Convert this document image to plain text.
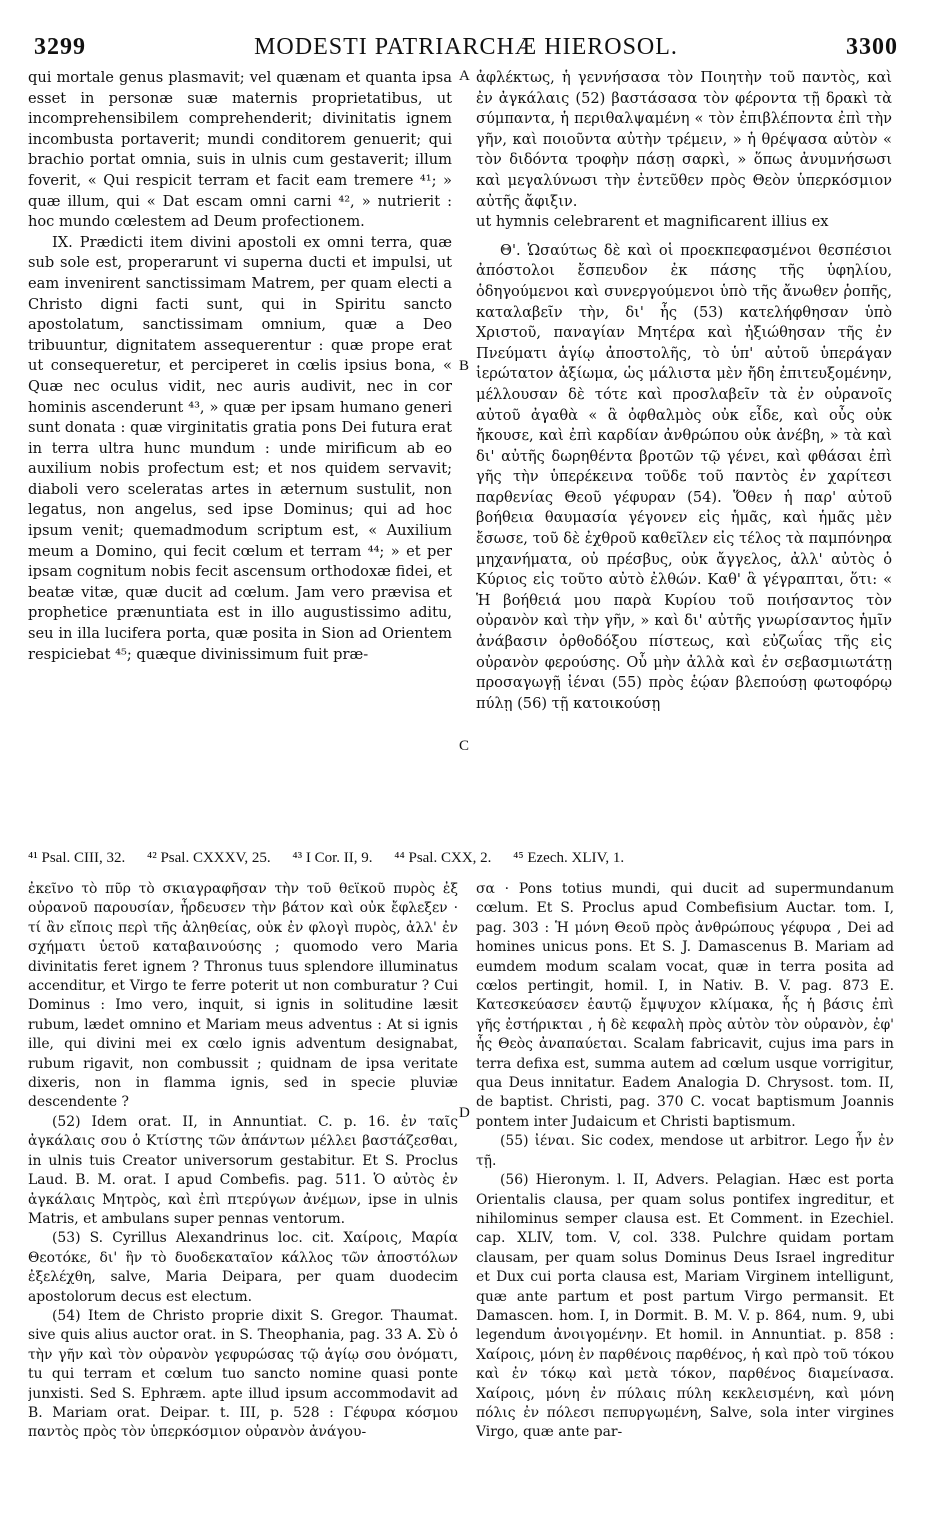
3299	MODESTI PATRIARCHÆ HIEROSOL.	3300

qui mortale genus plasmavit; vel quænam et quanta ipsa esset in personæ suæ maternis proprietatibus, ut incomprehensibilem comprehenderit; divinitatis ignem incombusta portaverit; mundi conditorem genuerit; qui brachio portat omnia, suis in ulnis cum gestaverit; illum foverit, « Qui respicit terram et facit eam tremere ⁴¹; » quæ illum, qui « Dat escam omni carni ⁴², » nutrierit : hoc mundo cœlestem ad Deum profectionem.

IX. Prædicti item divini apostoli ex omni terra, quæ sub sole est, properarunt vi superna ducti et impulsi, ut eam invenirent sanctissimam Matrem, per quam electi a Christo digni facti sunt, qui in Spiritu sancto apostolatum, sanctissimam omnium, quæ a Deo tribuuntur, dignitatem assequerentur : quæ prope erat ut consequeretur, et perciperet in cœlis ipsius bona, « Quæ nec oculus vidit, nec auris audivit, nec in cor hominis ascenderunt ⁴³, » quæ per ipsam humano generi sunt donata : quæ virginitatis gratia pons Dei futura erat in terra ultra hunc mundum : unde mirificum ab eo auxilium nobis profectum est; et nos quidem servavit; diaboli vero sceleratas artes in æternum sustulit, non legatus, non angelus, sed ipse Dominus; qui ad hoc ipsum venit; quemadmodum scriptum est, « Auxilium meum a Domino, qui fecit cœlum et terram ⁴⁴; » et per ipsam cognitum nobis fecit ascensum orthodoxæ fidei, et beatæ vitæ, quæ ducit ad cœlum. Jam vero prævisa et prophetice prænuntiata est in illo augustissimo aditu, seu in illa lucifera porta, quæ posita in Sion ad Orientem respiciebat ⁴⁵; quæque divinissimum fuit præ-

A
B
C
D

ἀφλέκτως, ἡ γεννήσασα τὸν Ποιητὴν τοῦ παντὸς, καὶ ἐν ἀγκάλαις (52) βαστάσασα τὸν φέροντα τῇ δρακὶ τὰ σύμπαντα, ἡ περιθαλψαμένη « τὸν ἐπιβλέποντα ἐπὶ τὴν γῆν, καὶ ποιοῦντα αὐτὴν τρέμειν, » ἡ θρέψασα αὐτὸν « τὸν διδόντα τροφὴν πάσῃ σαρκὶ, » ὅπως ἀνυμνήσωσι καὶ μεγαλύνωσι τὴν ἐντεῦθεν πρὸς Θεὸν ὑπερκόσμιον αὐτῆς ἄφιξιν.

ut hymnis celebrarent et magnificarent illius ex

Θ'. Ὡσαύτως δὲ καὶ οἱ προεκπεφασμένοι θεσπέσιοι ἀπόστολοι ἔσπευδον ἐκ πάσης τῆς ὑφηλίου, ὁδηγούμενοι καὶ συνεργούμενοι ὑπὸ τῆς ἄνωθεν ῥοπῆς, καταλαβεῖν τὴν, δι' ἧς (53) κατελήφθησαν ὑπὸ Χριστοῦ, παναγίαν Μητέρα καὶ ἠξιώθησαν τῆς ἐν Πνεύματι ἁγίῳ ἀποστολῆς, τὸ ὑπ' αὐτοῦ ὑπεράγαν ἱερώτατον ἀξίωμα, ὡς μάλιστα μὲν ἤδη ἐπιτευξομένην, μέλλουσαν δὲ τότε καὶ προσλαβεῖν τὰ ἐν οὐρανοῖς αὐτοῦ ἀγαθὰ « ἃ ὀφθαλμὸς οὐκ εἶδε, καὶ οὖς οὐκ ἤκουσε, καὶ ἐπὶ καρδίαν ἀνθρώπου οὐκ ἀνέβη, » τὰ καὶ δι' αὐτῆς δωρηθέντα βροτῶν τῷ γένει, καὶ φθάσαι ἐπὶ γῆς τὴν ὑπερέκεινα τοῦδε τοῦ παντὸς ἐν χαρίτεσι παρθενίας Θεοῦ γέφυραν (54). Ὅθεν ἡ παρ' αὐτοῦ βοήθεια θαυμασία γέγονεν εἰς ἡμᾶς, καὶ ἡμᾶς μὲν ἔσωσε, τοῦ δὲ ἐχθροῦ καθεῖλεν εἰς τέλος τὰ παμπόνηρα μηχανήματα, οὐ πρέσβυς, οὐκ ἄγγελος, ἀλλ' αὐτὸς ὁ Κύριος εἰς τοῦτο αὐτὸ ἐλθών. Καθ' ἃ γέγραπται, ὅτι: « Ἡ βοήθειά μου παρὰ Κυρίου τοῦ ποιήσαντος τὸν οὐρανὸν καὶ τὴν γῆν, » καὶ δι' αὐτῆς γνωρίσαντος ἡμῖν ἀνάβασιν ὀρθοδόξου πίστεως, καὶ εὐζωΐας τῆς εἰς οὐρανὸν φερούσης. Οὗ μὴν ἀλλὰ καὶ ἐν σεβασμιωτάτῃ προσαγωγῇ ἰέναι (55) πρὸς ἑῴαν βλεπούσῃ φωτοφόρῳ πύλῃ (56) τῇ κατοικούσῃ

⁴¹ Psal. CIII, 32. ⁴² Psal. CXXXV, 25. ⁴³ I Cor. II, 9. ⁴⁴ Psal. CXX, 2. ⁴⁵ Ezech. XLIV, 1.

ἐκεῖνο τὸ πῦρ τὸ σκιαγραφῆσαν τὴν τοῦ θεϊκοῦ πυρὸς ἐξ οὐρανοῦ παρουσίαν, ἦρδευσεν τὴν βάτον καὶ οὐκ ἔφλεξεν · τί ἂν εἴποις περὶ τῆς ἀληθείας, οὐκ ἐν φλογὶ πυρὸς, ἀλλ' ἐν σχήματι ὑετοῦ καταβαινούσης ; quomodo vero Maria divinitatis feret ignem ? Thronus tuus splendore illuminatus accenditur, et Virgo te ferre poterit ut non comburatur ? Cui Dominus : Imo vero, inquit, si ignis in solitudine læsit rubum, lædet omnino et Mariam meus adventus : At si ignis ille, qui divini mei ex cœlo ignis adventum designabat, rubum rigavit, non combussit ; quidnam de ipsa veritate dixeris, non in flamma ignis, sed in specie pluviæ descendente ?

(52) Idem orat. II, in Annuntiat. C. p. 16. ἐν ταῖς ἀγκάλαις σου ὁ Κτίστης τῶν ἁπάντων μέλλει βαστάζεσθαι, in ulnis tuis Creator universorum gestabitur. Et S. Proclus Laud. B. M. orat. I apud Combefis. pag. 511. Ὁ αὐτὸς ἐν ἀγκάλαις Μητρὸς, καὶ ἐπὶ πτερύγων ἀνέμων, ipse in ulnis Matris, et ambulans super pennas ventorum.

(53) S. Cyrillus Alexandrinus loc. cit. Χαίροις, Μαρία Θεοτόκε, δι' ἣν τὸ δυοδεκαταῖον κάλλος τῶν ἀποστόλων ἐξελέχθη, salve, Maria Deipara, per quam duodecim apostolorum decus est electum.

(54) Item de Christo proprie dixit S. Gregor. Thaumat. sive quis alius auctor orat. in S. Theophania, pag. 33 A. Σὺ ὁ τὴν γῆν καὶ τὸν οὐρανὸν γεφυρώσας τῷ ἁγίῳ σου ὀνόματι, tu qui terram et cœlum tuo sancto nomine quasi ponte junxisti. Sed S. Ephræm. apte illud ipsum accommodavit ad B. Mariam orat. Deipar. t. III, p. 528 : Γέφυρα κόσμου παντὸς πρὸς τὸν ὑπερκόσμιον οὐρανὸν ἀνάγου-

σα · Pons totius mundi, qui ducit ad supermundanum cœlum. Et S. Proclus apud Combefisium Auctar. tom. I, pag. 303 : Ἡ μόνη Θεοῦ πρὸς ἀνθρώπους γέφυρα , Dei ad homines unicus pons. Et S. J. Damascenus B. Mariam ad eumdem modum scalam vocat, quæ in terra posita ad cœlos pertingit, homil. I, in Nativ. B. V. pag. 873 E. Κατεσκεύασεν ἑαυτῷ ἔμψυχον κλίμακα, ἧς ἡ βάσις ἐπὶ γῆς ἐστήρικται , ἡ δὲ κεφαλὴ πρὸς αὐτὸν τὸν οὐρανὸν, ἐφ' ἧς Θεὸς ἀναπαύεται. Scalam fabricavit, cujus ima pars in terra defixa est, summa autem ad cœlum usque vorrigitur, qua Deus innitatur. Eadem Analogia D. Chrysost. tom. II, de baptist. Christi, pag. 370 C. vocat baptismum Joannis pontem inter Judaicum et Christi baptismum.

(55) ἰέναι. Sic codex, mendose ut arbitror. Lego ἦν ἐν τῇ.

(56) Hieronym. l. II, Advers. Pelagian. Hæc est porta Orientalis clausa, per quam solus pontifex ingreditur, et nihilominus semper clausa est. Et Comment. in Ezechiel. cap. XLIV, tom. V, col. 338. Pulchre quidam portam clausam, per quam solus Dominus Deus Israel ingreditur et Dux cui porta clausa est, Mariam Virginem intelligunt, quæ ante partum et post partum Virgo permansit. Et Damascen. hom. I, in Dormit. B. M. V. p. 864, num. 9, ubi legendum ἀνοιγομένην. Et homil. in Annuntiat. p. 858 : Χαίροις, μόνη ἐν παρθένοις παρθένος, ἡ καὶ πρὸ τοῦ τόκου καὶ ἐν τόκῳ καὶ μετὰ τόκον, παρθένος διαμείνασα. Χαίροις, μόνη ἐν πύλαις πύλη κεκλεισμένη, καὶ μόνη πόλις ἐν πόλεσι πεπυργωμένη, Salve, sola inter virgines Virgo, quæ ante par-
